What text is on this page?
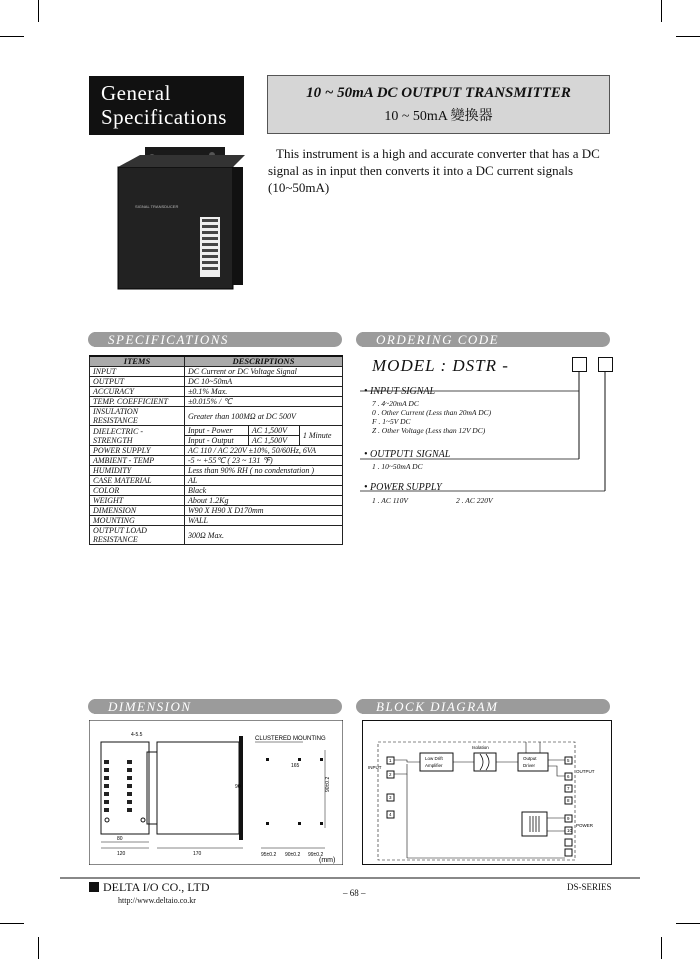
General
Specifications
10 ~ 50mA DC OUTPUT TRANSMITTER
10 ~ 50mA 變換器
SIGNAL TRANSDUCER
This instrument is a high and accurate converter that has a DC signal as in input then converts it into a DC current signals (10~50mA)
SPECIFICATIONS	ORDERING CODE
DIMENSION	BLOCK DIAGRAM
ITEMS	DESCRIPTIONS		
INPUT	DC Current or DC Voltage Signal		
OUTPUT	DC 10~50mA		
ACCURACY	±0.1% Max.		
TEMP. COEFFICIENT	±0.015% / ℃		
INSULATION RESISTANCE	Greater than 100MΩ at DC 500V		
DIELECTRIC - STRENGTH	Input - Power	AC 1,500V	1 Minute
	Input - Output	AC 1,500V	
POWER SUPPLY	AC 110 / AC 220V ±10%, 50/60Hz, 6VA		
AMBIENT - TEMP	-5 ~ +55℃ ( 23 ~ 131 ℉)		
HUMIDITY	Less than 90% RH ( no condenstation )		
CASE MATERIAL	AL		
COLOR	Black		
WEIGHT	About 1.2Kg		
DIMENSION	W90 X H90 X D170mm		
MOUNTING	WALL		
OUTPUT LOAD RESISTANCE	300Ω Max.		
MODEL : DSTR -
• INPUT SIGNAL
7 . 4~20mA DC
0 . Other Current (Less than 20mA DC)
F . 1~5V DC
Z . Other Voltage (Less than 12V DC)
• OUTPUT1 SIGNAL
1 . 10~50mA DC
• POWER SUPPLY
1 . AC 110V	2 . AC 220V
80
120
4-5.5
170
90
CLUSTERED MOUNTING
165
90±0.2
95±0.2 90±0.2 99±0.2
(mm)
INPUT
OUTPUT
POWER
1
2
3
4
5
6
7
8
9
10
Low Drift
Amplifier
Isolation
Output
Driver
DELTA I/O CO., LTD
http://www.deltaio.co.kr
– 68 –
DS-SERIES
